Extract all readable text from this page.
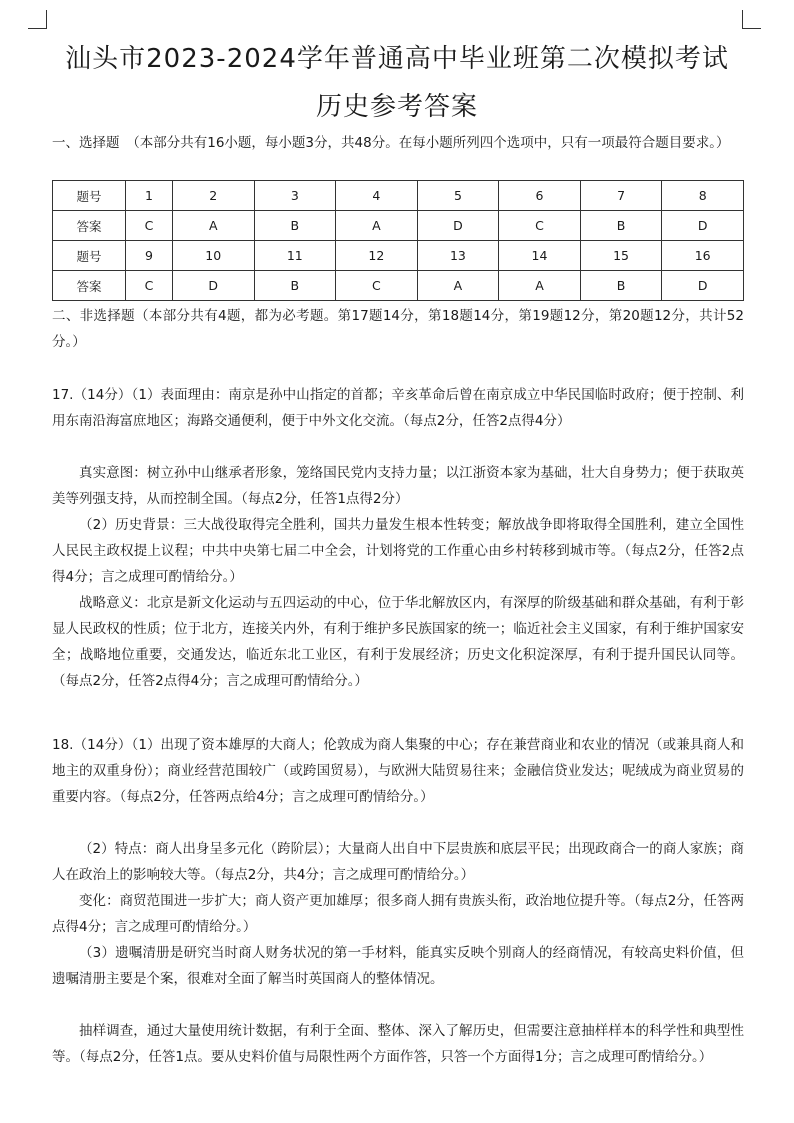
汕头市2023-2024学年普通高中毕业班第二次模拟考试
历史参考答案
一、选择题　（本部分共有16小题，每小题3分，共48分。在每小题所列四个选项中，只有一项最符合题目要求。）
题号	1	2	3	4	5	6	7	8
答案	C	A	B	A	D	C	B	D
题号	9	10	11	12	13	14	15	16
答案	C	D	B	C	A	A	B	D
二、非选择题（本部分共有4题，都为必考题。第17题14分，第18题14分，第19题12分，第20题12分，共计52分。）
17.（14分）（1）表面理由：南京是孙中山指定的首都；辛亥革命后曾在南京成立中华民国临时政府；便于控制、利用东南沿海富庶地区；海路交通便利，便于中外文化交流。（每点2分，任答2点得4分）
真实意图：树立孙中山继承者形象，笼络国民党内支持力量；以江浙资本家为基础，壮大自身势力；便于获取英美等列强支持，从而控制全国。（每点2分，任答1点得2分）
（2）历史背景：三大战役取得完全胜利，国共力量发生根本性转变；解放战争即将取得全国胜利，建立全国性人民民主政权提上议程；中共中央第七届二中全会，计划将党的工作重心由乡村转移到城市等。（每点2分，任答2点得4分；言之成理可酌情给分。）
战略意义：北京是新文化运动与五四运动的中心，位于华北解放区内，有深厚的阶级基础和群众基础，有利于彰显人民政权的性质；位于北方，连接关内外，有利于维护多民族国家的统一；临近社会主义国家，有利于维护国家安全；战略地位重要，交通发达，临近东北工业区，有利于发展经济；历史文化积淀深厚，有利于提升国民认同等。（每点2分，任答2点得4分；言之成理可酌情给分。）
18.（14分）（1）出现了资本雄厚的大商人；伦敦成为商人集聚的中心；存在兼营商业和农业的情况（或兼具商人和地主的双重身份）；商业经营范围较广（或跨国贸易），与欧洲大陆贸易往来；金融信贷业发达；呢绒成为商业贸易的重要内容。（每点2分，任答两点给4分；言之成理可酌情给分。）
（2）特点：商人出身呈多元化（跨阶层）；大量商人出自中下层贵族和底层平民；出现政商合一的商人家族；商人在政治上的影响较大等。（每点2分，共4分；言之成理可酌情给分。）
变化：商贸范围进一步扩大；商人资产更加雄厚；很多商人拥有贵族头衔，政治地位提升等。（每点2分，任答两点得4分；言之成理可酌情给分。）
（3）遗嘱清册是研究当时商人财务状况的第一手材料，能真实反映个别商人的经商情况，有较高史料价值，但遗嘱清册主要是个案，很难对全面了解当时英国商人的整体情况。
抽样调查，通过大量使用统计数据，有利于全面、整体、深入了解历史，但需要注意抽样样本的科学性和典型性等。（每点2分，任答1点。要从史料价值与局限性两个方面作答，只答一个方面得1分；言之成理可酌情给分。）
